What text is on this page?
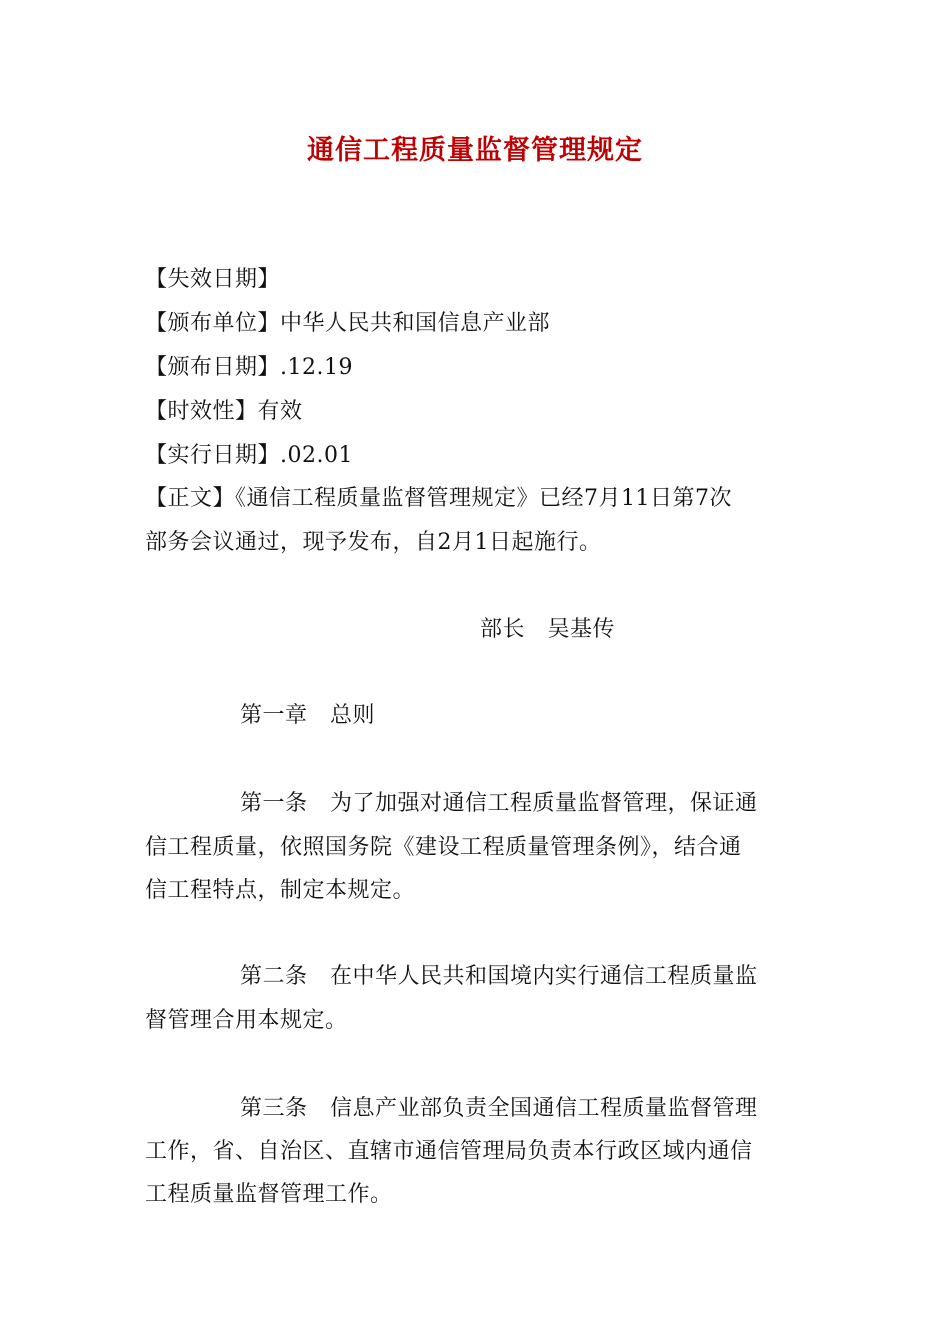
通信工程质量监督管理规定
【失效日期】
【颁布单位】中华人民共和国信息产业部
【颁布日期】.12.19
【时效性】有效
【实行日期】.02.01
【正文】《通信工程质量监督管理规定》已经7月11日第7次
部务会议通过，现予发布，自2月1日起施行。
部长　吴基传
第一章　总则
第一条　为了加强对通信工程质量监督管理，保证通
信工程质量，依照国务院《建设工程质量管理条例》，结合通
信工程特点，制定本规定。
第二条　在中华人民共和国境内实行通信工程质量监
督管理合用本规定。
第三条　信息产业部负责全国通信工程质量监督管理
工作，省、自治区、直辖市通信管理局负责本行政区域内通信
工程质量监督管理工作。
